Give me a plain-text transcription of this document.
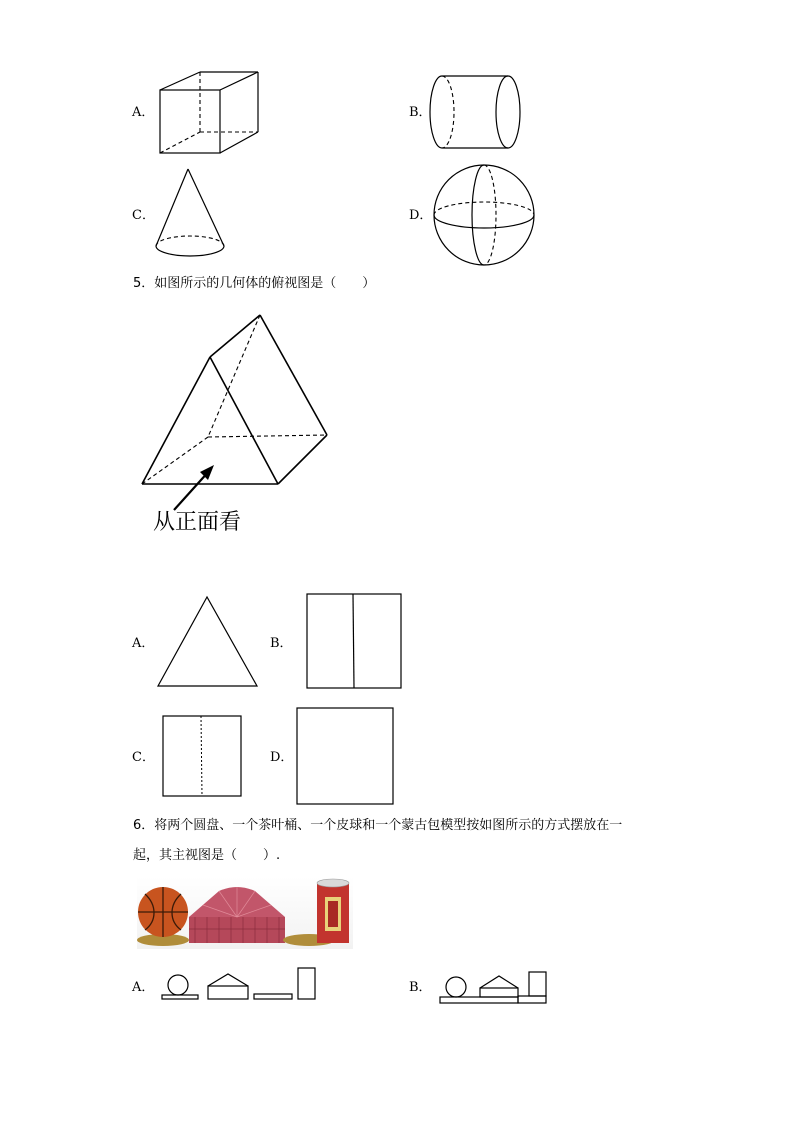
A．	B．
C．	D．
5．如图所示的几何体的俯视图是（　　）
从正面看
A．	B．
C．	D．
6．将两个圆盘、一个茶叶桶、一个皮球和一个蒙古包模型按如图所示的方式摆放在一
起，其主视图是（　　）.
A．	B．
